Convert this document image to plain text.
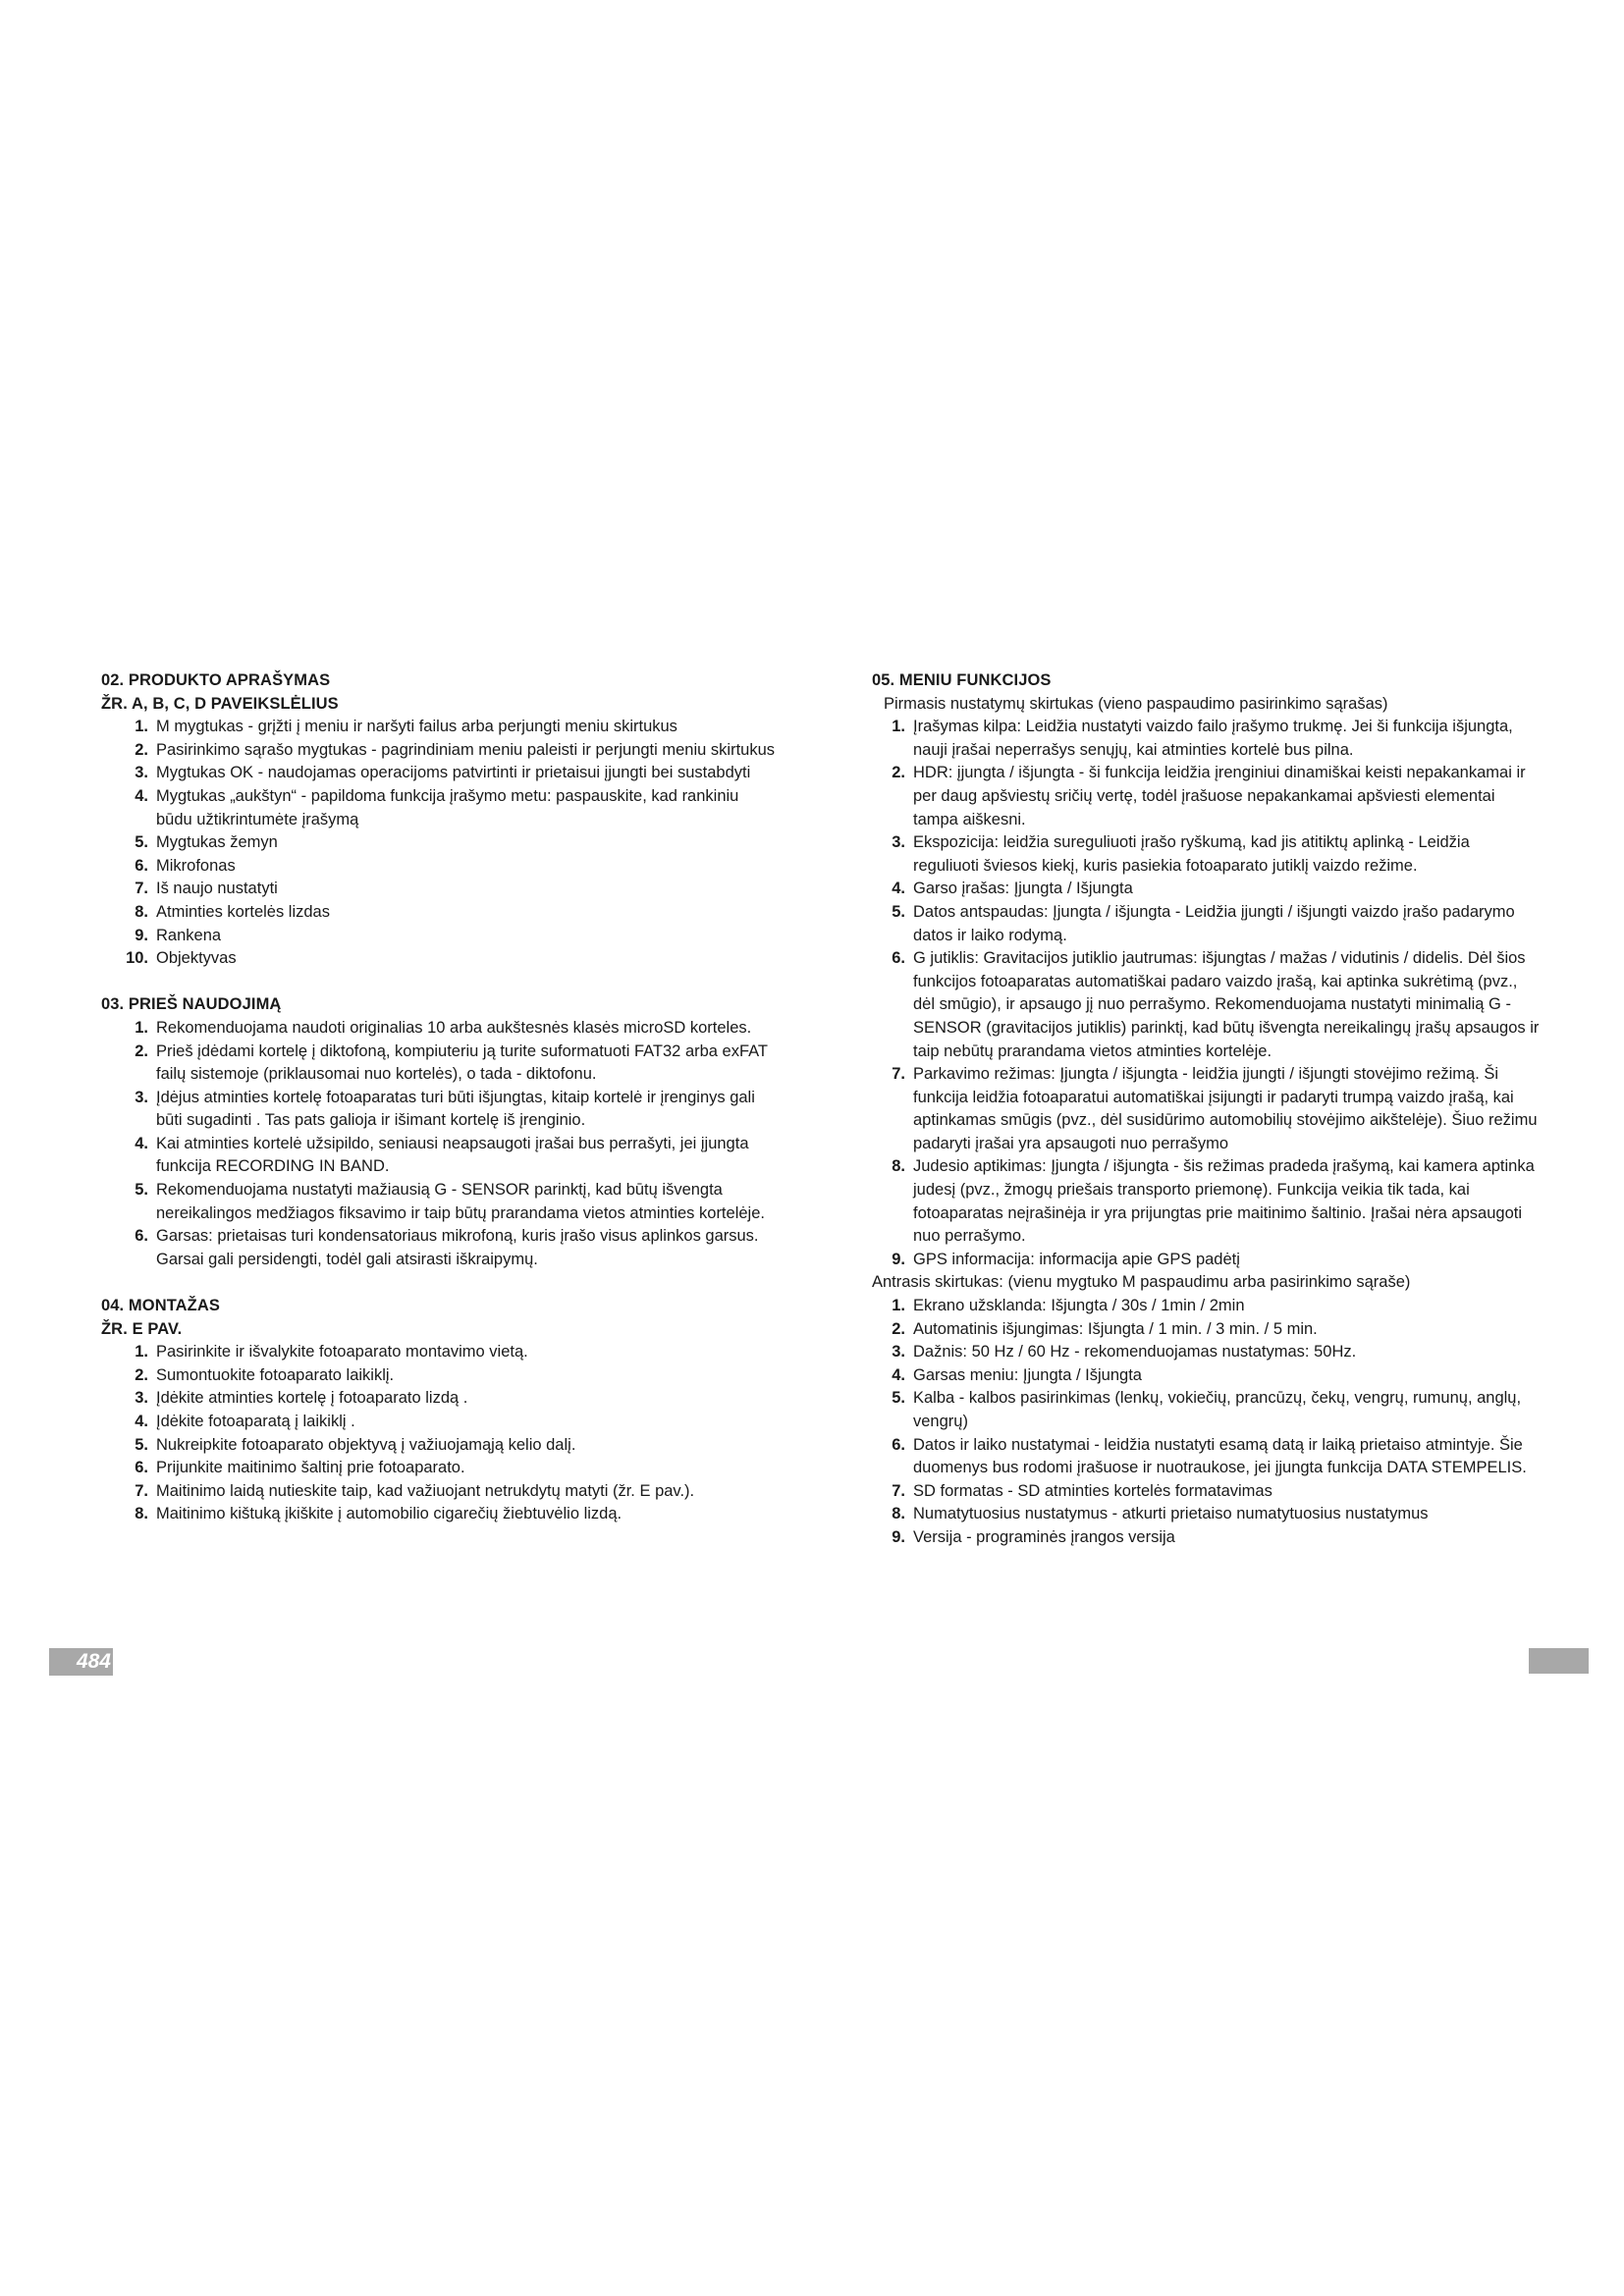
02. PRODUKTO APRAŠYMAS
ŽR. A, B, C, D PAVEIKSLĖLIUS
1. M mygtukas - grįžti į meniu ir naršyti failus arba perjungti meniu skirtukus
2. Pasirinkimo sąrašo mygtukas - pagrindiniam meniu paleisti ir perjungti meniu skirtukus
3. Mygtukas OK - naudojamas operacijoms patvirtinti ir prietaisui įjungti bei sustabdyti
4. Mygtukas „aukštyn“ - papildoma funkcija įrašymo metu: paspauskite, kad rankiniu būdu užtikrintumėte įrašymą
5. Mygtukas žemyn
6. Mikrofonas
7. Iš naujo nustatyti
8. Atminties kortelės lizdas
9. Rankena
10. Objektyvas
03. PRIEŠ NAUDOJIMĄ
1. Rekomenduojama naudoti originalias 10 arba aukštesnės klasės microSD korteles.
2. Prieš įdėdami kortelę į diktofoną, kompiuteriu ją turite suformatuoti FAT32 arba exFAT failų sistemoje (priklausomai nuo kortelės), o tada - diktofonu.
3. Įdėjus atminties kortelę fotoaparatas turi būti išjungtas, kitaip kortelė ir įrenginys gali būti sugadinti . Tas pats galioja ir išimant kortelę iš įrenginio.
4. Kai atminties kortelė užsipildo, seniausi neapsaugoti įrašai bus perrašyti, jei įjungta funkcija RECORDING IN BAND.
5. Rekomenduojama nustatyti mažiausią G - SENSOR parinktį, kad būtų išvengta nereikalingos medžiagos fiksavimo ir taip būtų prarandama vietos atminties kortelėje.
6. Garsas: prietaisas turi kondensatoriaus mikrofoną, kuris įrašo visus aplinkos garsus. Garsai gali persidengti, todėl gali atsirasti iškraipymų.
04. MONTAŽAS
ŽR. E PAV.
1. Pasirinkite ir išvalykite fotoaparato montavimo vietą.
2. Sumontuokite fotoaparato laikiklį.
3. Įdėkite atminties kortelę į fotoaparato lizdą .
4. Įdėkite fotoaparatą į laikiklį .
5. Nukreipkite fotoaparato objektyvą į važiuojamąją kelio dalį.
6. Prijunkite maitinimo šaltinį prie fotoaparato.
7. Maitinimo laidą nutieskite taip, kad važiuojant netrukdytų matyti (žr. E pav.).
8. Maitinimo kištuką įkiškite į automobilio cigarečių žiebtuvėlio lizdą.
05. MENIU FUNKCIJOS
Pirmasis nustatymų skirtukas (vieno paspaudimo pasirinkimo sąrašas)
1. Įrašymas kilpa: Leidžia nustatyti vaizdo failo įrašymo trukmę. Jei ši funkcija išjungta, nauji įrašai neperrašys senųjų, kai atminties kortelė bus pilna.
2. HDR: įjungta / išjungta - ši funkcija leidžia įrenginiui dinamiškai keisti nepakankamai ir per daug apšviestų sričių vertę, todėl įrašuose nepakankamai apšviesti elementai tampa aiškesni.
3. Ekspozicija: leidžia sureguliuoti įrašo ryškumą, kad jis atitiktų aplinką - Leidžia reguliuoti šviesos kiekį, kuris pasiekia fotoaparato jutiklį vaizdo režime.
4. Garso įrašas: Įjungta / Išjungta
5. Datos antspaudas: Įjungta / išjungta - Leidžia įjungti / išjungti vaizdo įrašo padarymo datos ir laiko rodymą.
6. G jutiklis: Gravitacijos jutiklio jautrumas: išjungtas / mažas / vidutinis / didelis. Dėl šios funkcijos fotoaparatas automatiškai padaro vaizdo įrašą, kai aptinka sukrėtimą (pvz., dėl smūgio), ir apsaugo jį nuo perrašymo. Rekomenduojama nustatyti minimalią G - SENSOR (gravitacijos jutiklis) parinktį, kad būtų išvengta nereikalingų įrašų apsaugos ir taip nebūtų prarandama vietos atminties kortelėje.
7. Parkavimo režimas: Įjungta / išjungta - leidžia įjungti / išjungti stovėjimo režimą. Ši funkcija leidžia fotoaparatui automatiškai įsijungti ir padaryti trumpą vaizdo įrašą, kai aptinkamas smūgis (pvz., dėl susidūrimo automobilių stovėjimo aikštelėje). Šiuo režimu padaryti įrašai yra apsaugoti nuo perrašymo
8. Judesio aptikimas: Įjungta / išjungta - šis režimas pradeda įrašymą, kai kamera aptinka judesį (pvz., žmogų priešais transporto priemonę). Funkcija veikia tik tada, kai fotoaparatas neįrašinėja ir yra prijungtas prie maitinimo šaltinio. Įrašai nėra apsaugoti nuo perrašymo.
9. GPS informacija: informacija apie GPS padėtį
Antrasis skirtukas: (vienu mygtuko M paspaudimu arba pasirinkimo sąraše)
1. Ekrano užsklanda: Išjungta / 30s / 1min / 2min
2. Automatinis išjungimas: Išjungta / 1 min. / 3 min. / 5 min.
3. Dažnis: 50 Hz / 60 Hz - rekomenduojamas nustatymas: 50Hz.
4. Garsas meniu: Įjungta / Išjungta
5. Kalba - kalbos pasirinkimas (lenkų, vokiečių, prancūzų, čekų, vengrų, rumunų, anglų, vengrų)
6. Datos ir laiko nustatymai - leidžia nustatyti esamą datą ir laiką prietaiso atmintyje. Šie duomenys bus rodomi įrašuose ir nuotraukose, jei įjungta funkcija DATA STEMPELIS.
7. SD formatas - SD atminties kortelės formatavimas
8. Numatytuosius nustatymus - atkurti prietaiso numatytuosius nustatymus
9. Versija - programinės įrangos versija
484
